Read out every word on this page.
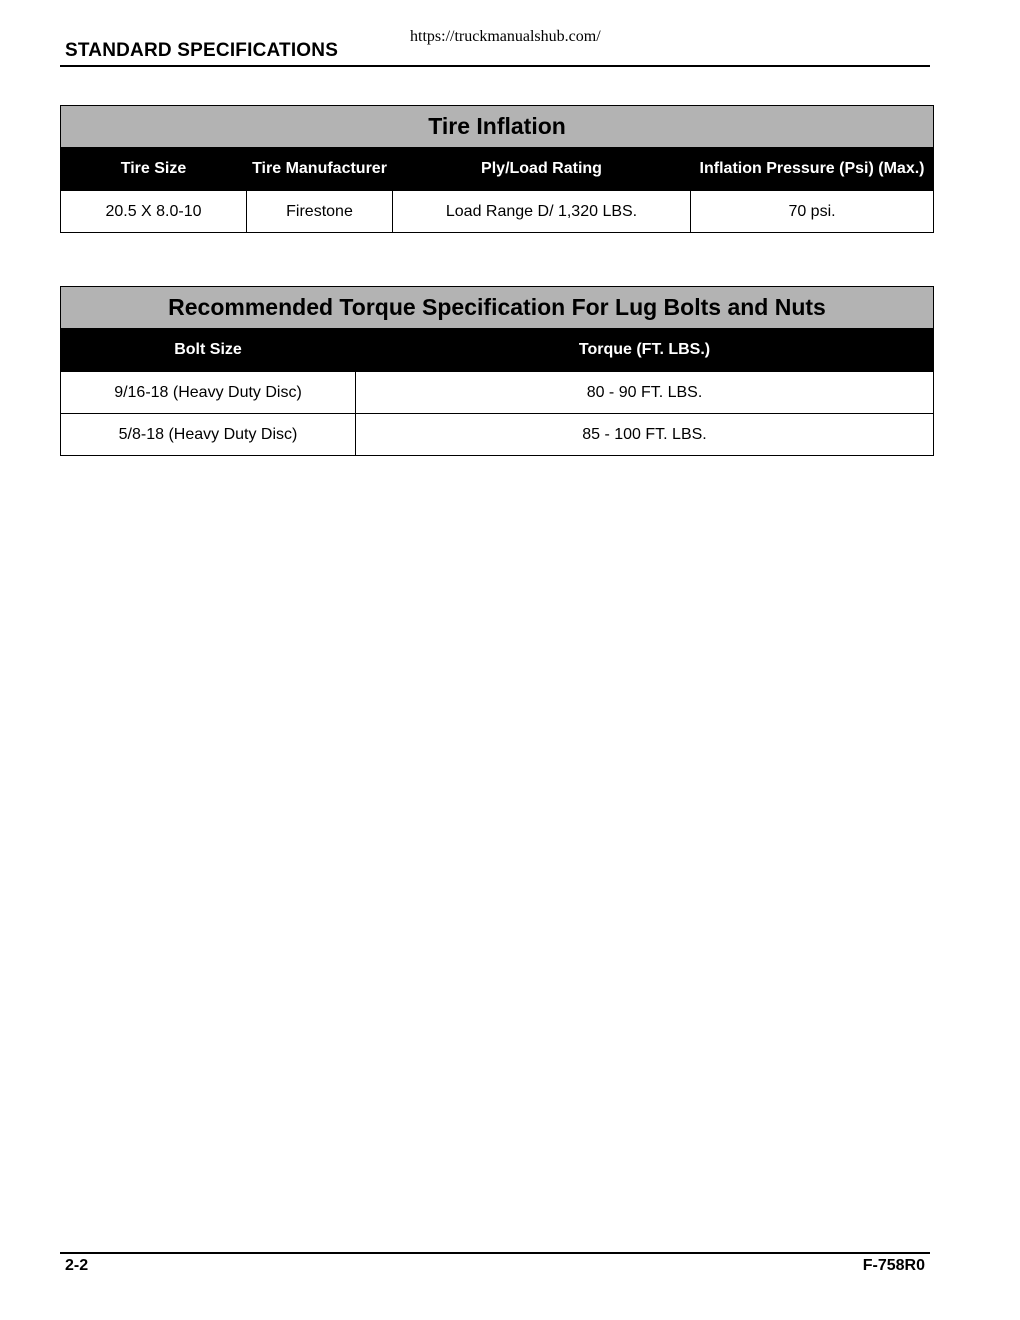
https://truckmanualshub.com/
STANDARD SPECIFICATIONS
Tire Inflation			
Tire Size	Tire Manufacturer	Ply/Load Rating	Inflation Pressure (Psi) (Max.)
20.5 X 8.0-10	Firestone	Load Range D/ 1,320 LBS.	70 psi.
Recommended Torque Specification For Lug Bolts and Nuts	
Bolt Size	Torque (FT. LBS.)
9/16-18 (Heavy Duty Disc)	80 - 90 FT. LBS.
5/8-18 (Heavy Duty Disc)	85 - 100 FT. LBS.
2-2	F-758R0
